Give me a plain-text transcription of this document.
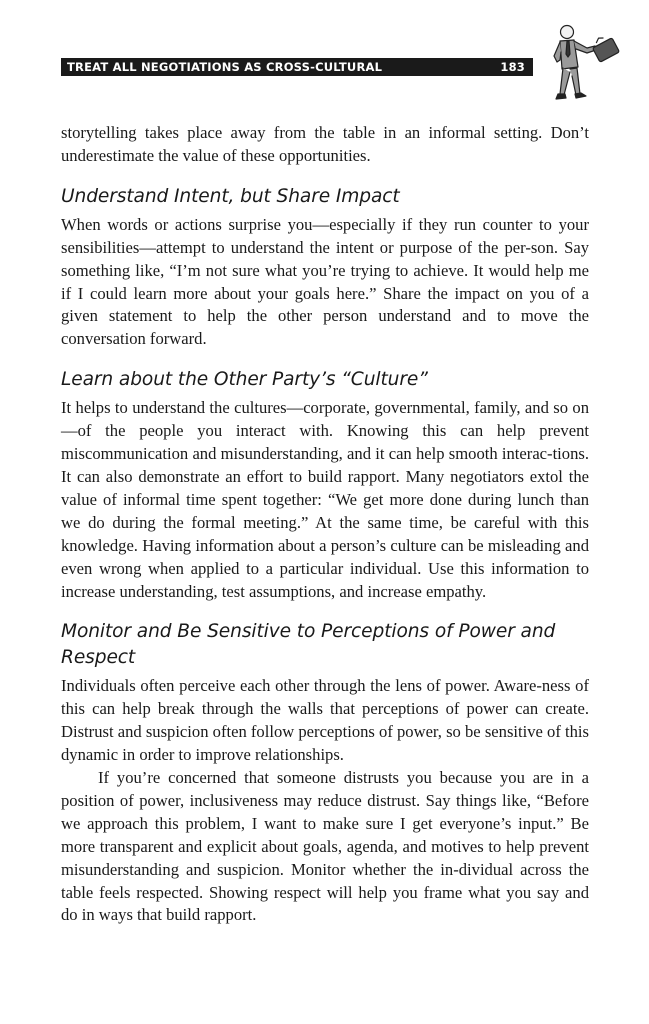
TREAT ALL NEGOTIATIONS AS CROSS-CULTURAL	183

storytelling takes place away from the table in an informal setting. Don’t underestimate the value of these opportunities.

Understand Intent, but Share Impact

When words or actions surprise you—especially if they run counter to your sensibilities—attempt to understand the intent or purpose of the per-son. Say something like, “I’m not sure what you’re trying to achieve. It would help me if I could learn more about your goals here.” Share the impact on you of a given statement to help the other person understand and to move the conversation forward.

Learn about the Other Party’s “Culture”

It helps to understand the cultures—corporate, governmental, family, and so on—of the people you interact with. Knowing this can help prevent miscommunication and misunderstanding, and it can help smooth interac-tions. It can also demonstrate an effort to build rapport. Many negotiators extol the value of informal time spent together: “We get more done during lunch than we do during the formal meeting.” At the same time, be careful with this knowledge. Having information about a person’s culture can be misleading and even wrong when applied to a particular individual. Use this information to increase understanding, test assumptions, and increase empathy.

Monitor and Be Sensitive to Perceptions of Power and Respect

Individuals often perceive each other through the lens of power. Aware-ness of this can help break through the walls that perceptions of power can create. Distrust and suspicion often follow perceptions of power, so be sensitive of this dynamic in order to improve relationships.

If you’re concerned that someone distrusts you because you are in a position of power, inclusiveness may reduce distrust. Say things like, “Before we approach this problem, I want to make sure I get everyone’s input.” Be more transparent and explicit about goals, agenda, and motives to help prevent misunderstanding and suspicion. Monitor whether the in-dividual across the table feels respected. Showing respect will help you frame what you say and do in ways that build rapport.
